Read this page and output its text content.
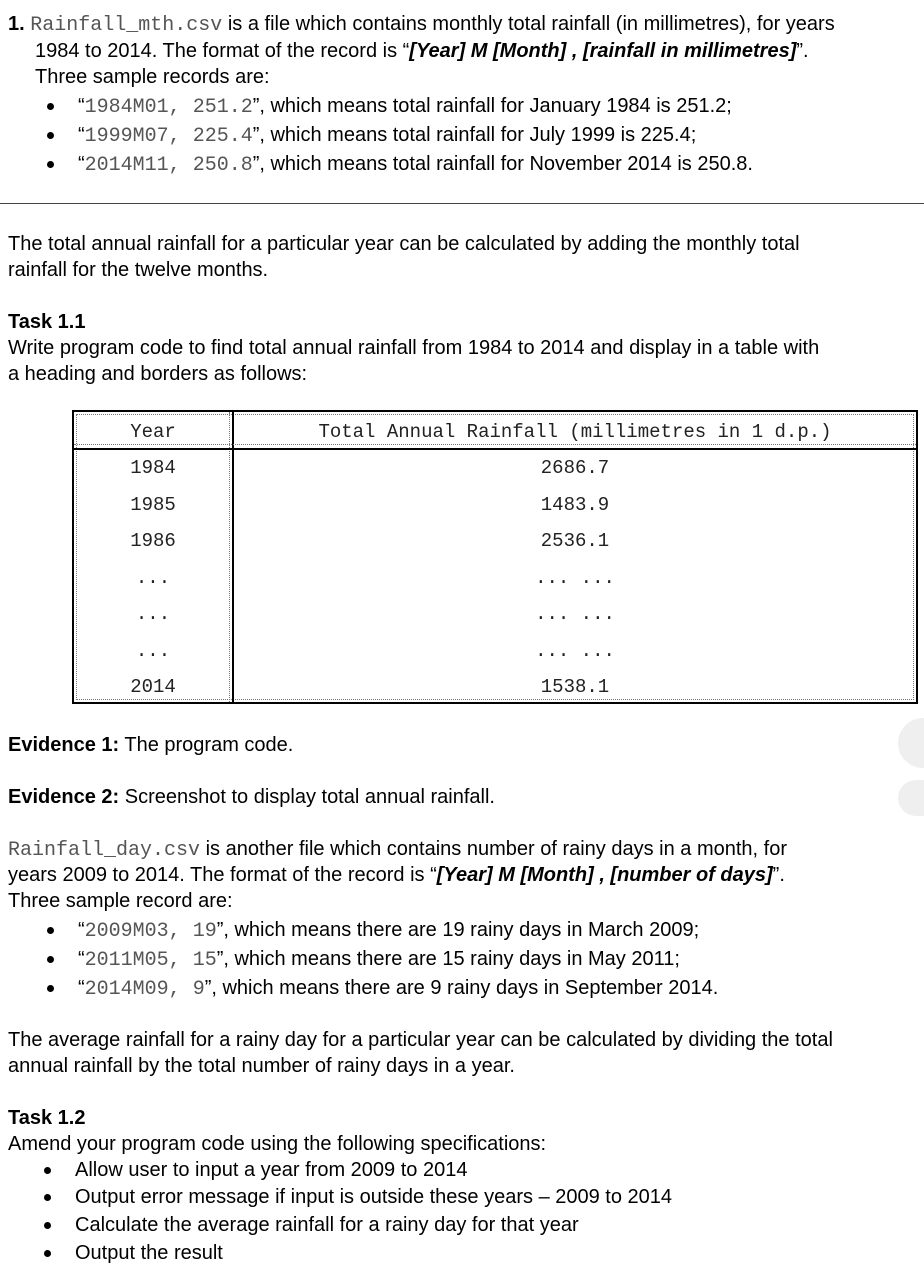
1. Rainfall_mth.csv is a file which contains monthly total rainfall (in millimetres), for years
1984 to 2014. The format of the record is “[Year] M [Month] , [rainfall in millimetres]”.
Three sample records are:
“1984M01, 251.2”, which means total rainfall for January 1984 is 251.2;
“1999M07, 225.4”, which means total rainfall for July 1999 is 225.4;
“2014M11, 250.8”, which means total rainfall for November 2014 is 250.8.
The total annual rainfall for a particular year can be calculated by adding the monthly total
rainfall for the twelve months.
Task 1.1
Write program code to find total annual rainfall from 1984 to 2014 and display in a table with
a heading and borders as follows:
Year	Total Annual Rainfall (millimetres in 1 d.p.)
1984	2686.7
1985	1483.9
1986	2536.1
...	... ...
...	... ...
...	... ...
2014	1538.1
Evidence 1: The program code.
Evidence 2: Screenshot to display total annual rainfall.
Rainfall_day.csv is another file which contains number of rainy days in a month, for
years 2009 to 2014. The format of the record is “[Year] M [Month] , [number of days]”.
Three sample record are:
“2009M03, 19”, which means there are 19 rainy days in March 2009;
“2011M05, 15”, which means there are 15 rainy days in May 2011;
“2014M09, 9”, which means there are 9 rainy days in September 2014.
The average rainfall for a rainy day for a particular year can be calculated by dividing the total
annual rainfall by the total number of rainy days in a year.
Task 1.2
Amend your program code using the following specifications:
Allow user to input a year from 2009 to 2014
Output error message if input is outside these years – 2009 to 2014
Calculate the average rainfall for a rainy day for that year
Output the result
